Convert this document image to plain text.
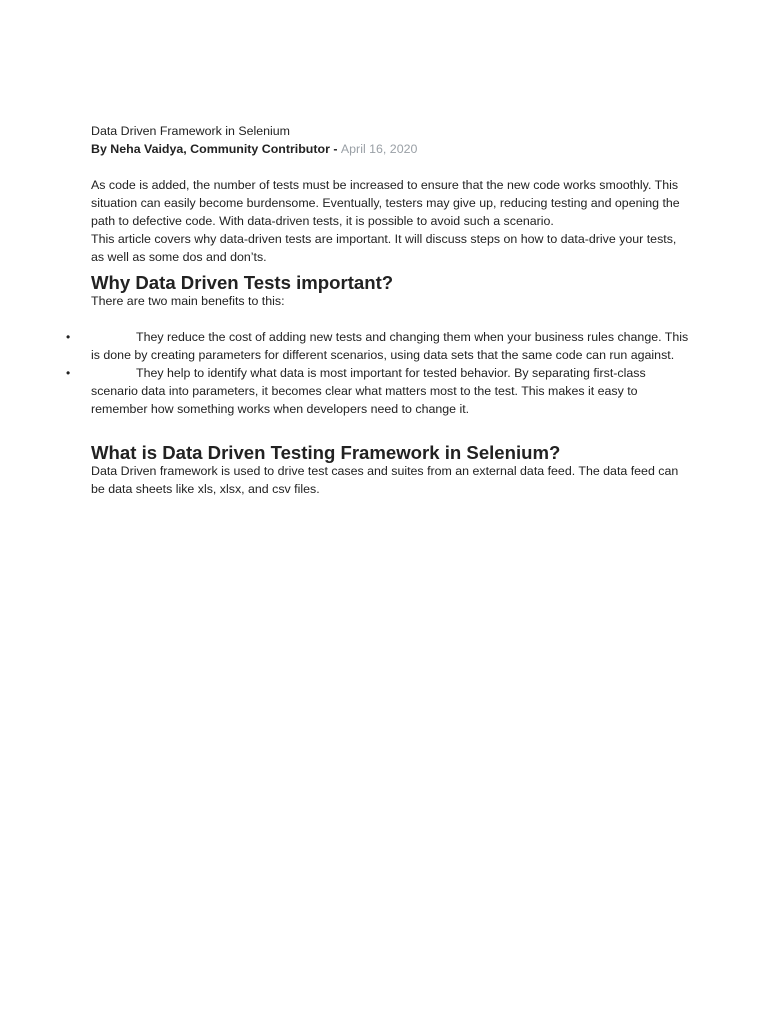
Data Driven Framework in Selenium

By Neha Vaidya, Community Contributor - April 16, 2020

As code is added, the number of tests must be increased to ensure that the new code works smoothly. This situation can easily become burdensome. Eventually, testers may give up, reducing testing and opening the path to defective code. With data-driven tests, it is possible to avoid such a scenario.

This article covers why data-driven tests are important. It will discuss steps on how to data-drive your tests, as well as some dos and don’ts.

Why Data Driven Tests important?

There are two main benefits to this:

•	They reduce the cost of adding new tests and changing them when your business rules change. This is done by creating parameters for different scenarios, using data sets that the same code can run against.

•	They help to identify what data is most important for tested behavior. By separating first-class scenario data into parameters, it becomes clear what matters most to the test. This makes it easy to remember how something works when developers need to change it.

What is Data Driven Testing Framework in Selenium?

Data Driven framework is used to drive test cases and suites from an external data feed. The data feed can be data sheets like xls, xlsx, and csv files.
